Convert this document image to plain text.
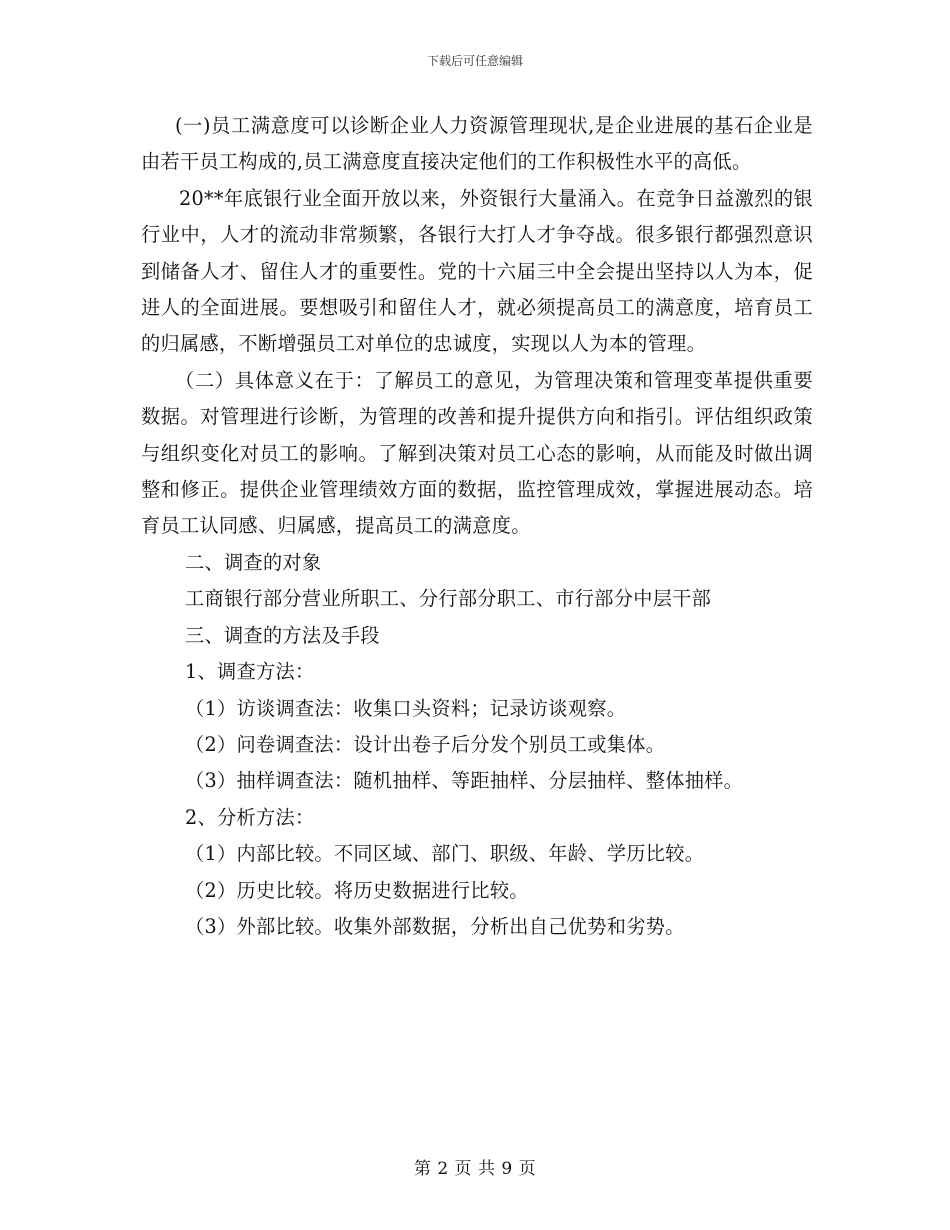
下载后可任意编辑

(一)员工满意度可以诊断企业人力资源管理现状,是企业进展的基石企业是由若干员工构成的,员工满意度直接决定他们的工作积极性水平的高低。

20**年底银行业全面开放以来，外资银行大量涌入。在竞争日益激烈的银行业中，人才的流动非常频繁，各银行大打人才争夺战。很多银行都强烈意识到储备人才、留住人才的重要性。党的十六届三中全会提出坚持以人为本，促进人的全面进展。要想吸引和留住人才，就必须提高员工的满意度，培育员工的归属感，不断增强员工对单位的忠诚度，实现以人为本的管理。

（二）具体意义在于：了解员工的意见，为管理决策和管理变革提供重要数据。对管理进行诊断，为管理的改善和提升提供方向和指引。评估组织政策与组织变化对员工的影响。了解到决策对员工心态的影响，从而能及时做出调整和修正。提供企业管理绩效方面的数据，监控管理成效，掌握进展动态。培育员工认同感、归属感，提高员工的满意度。

二、调查的对象

工商银行部分营业所职工、分行部分职工、市行部分中层干部

三、调查的方法及手段

1、调查方法：

（1）访谈调查法：收集口头资料；记录访谈观察。

（2）问卷调查法：设计出卷子后分发个别员工或集体。

（3）抽样调查法：随机抽样、等距抽样、分层抽样、整体抽样。

2、分析方法：

（1）内部比较。不同区域、部门、职级、年龄、学历比较。

（2）历史比较。将历史数据进行比较。

（3）外部比较。收集外部数据，分析出自己优势和劣势。

第 2 页 共 9 页
